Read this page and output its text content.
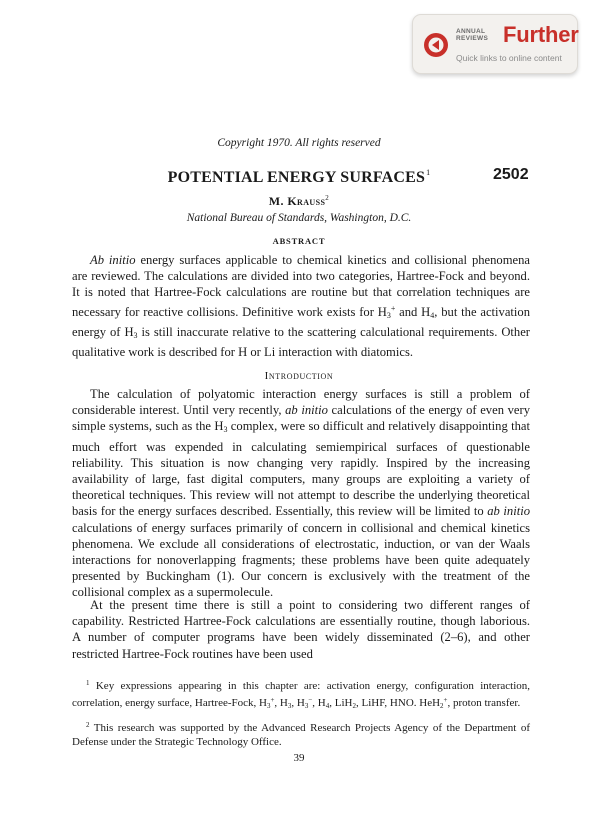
ANNUAL
REVIEWS Further
Quick links to online content
Copyright 1970. All rights reserved
POTENTIAL ENERGY SURFACES$^1$	2502
M. Krauss$^2$
National Bureau of Standards, Washington, D.C.
ABSTRACT
Ab initio energy surfaces applicable to chemical kinetics and collisional phenomena are reviewed. The calculations are divided into two categories, Hartree-Fock and beyond. It is noted that Hartree-Fock calculations are routine but that correlation techniques are necessary for reactive collisions. Definitive work exists for $H_3^+$ and $H_4$, but the activation energy of $H_3$ is still inaccurate relative to the scattering calculational requirements. Other qualitative work is described for H or Li interaction with diatomics.
Introduction
The calculation of polyatomic interaction energy surfaces is still a problem of considerable interest. Until very recently, ab initio calculations of the energy of even very simple systems, such as the $H_3$ complex, were so difficult and relatively disappointing that much effort was expended in calculating semiempirical surfaces of questionable reliability. This situation is now changing very rapidly. Inspired by the increasing availability of large, fast digital computers, many groups are exploiting a variety of theoretical techniques. This review will not attempt to describe the underlying theoretical basis for the energy surfaces described. Essentially, this review will be limited to ab initio calculations of energy surfaces primarily of concern in collisional and chemical kinetics phenomena. We exclude all considerations of electrostatic, induction, or van der Waals interactions for nonoverlapping fragments; these problems have been quite adequately presented by Buckingham (1). Our concern is exclusively with the treatment of the collisional complex as a supermolecule.
At the present time there is still a point to considering two different ranges of capability. Restricted Hartree-Fock calculations are essentially routine, though laborious. A number of computer programs have been widely disseminated (2–6), and other restricted Hartree-Fock routines have been used
$^1$ Key expressions appearing in this chapter are: activation energy, configuration interaction, correlation, energy surface, Hartree-Fock, $H_3^+$, $H_3$, $H_3^-$, $H_4$, LiH$_2$, LiHF, HNO. HeH$_2$+, proton transfer.
$^2$ This research was supported by the Advanced Research Projects Agency of the Department of Defense under the Strategic Technology Office.
39
